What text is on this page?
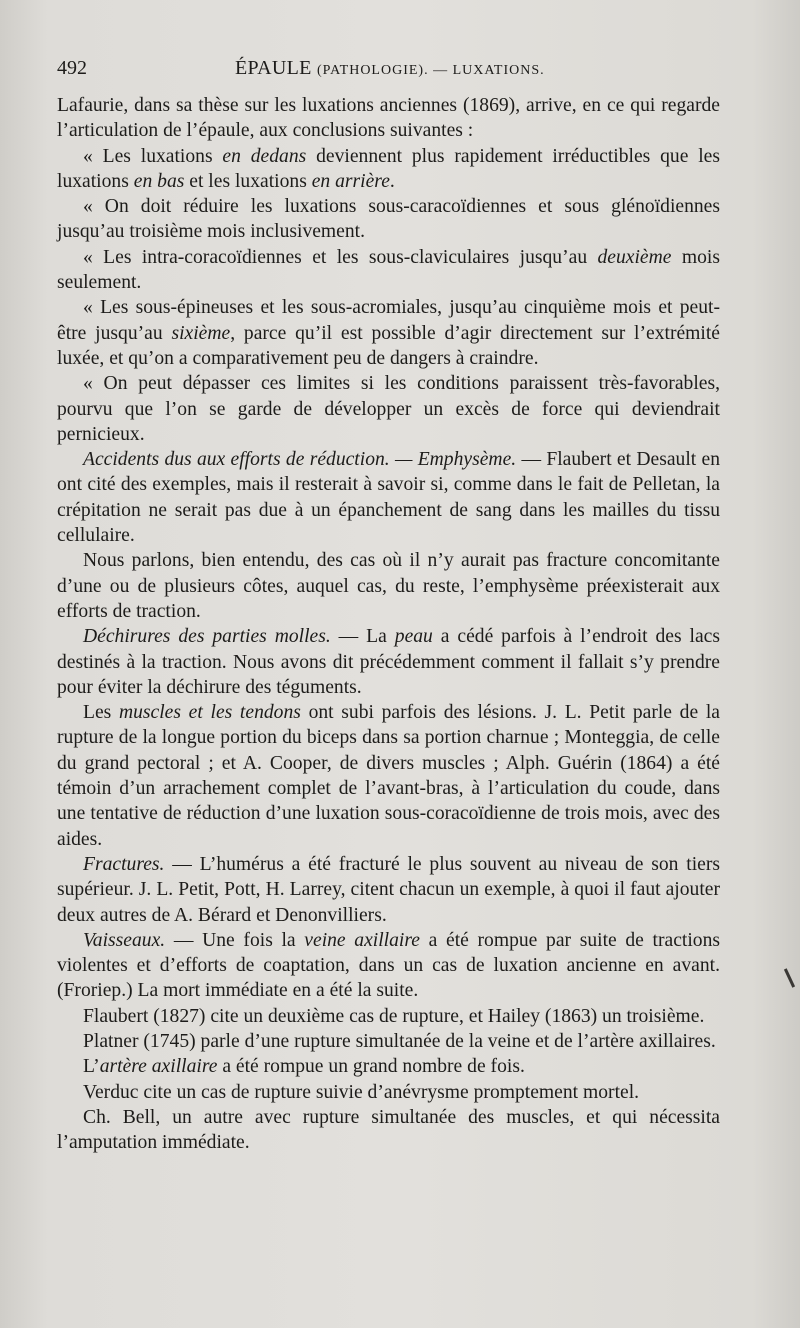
492	ÉPAULE (PATHOLOGIE). — LUXATIONS.

Lafaurie, dans sa thèse sur les luxations anciennes (1869), arrive, en ce qui regarde l’articulation de l’épaule, aux conclusions suivantes :

« Les luxations en dedans deviennent plus rapidement irréductibles que les luxations en bas et les luxations en arrière.

« On doit réduire les luxations sous-caracoïdiennes et sous glénoïdiennes jusqu’au troisième mois inclusivement.

« Les intra-coracoïdiennes et les sous-claviculaires jusqu’au deuxième mois seulement.

« Les sous-épineuses et les sous-acromiales, jusqu’au cinquième mois et peut-être jusqu’au sixième, parce qu’il est possible d’agir directement sur l’extrémité luxée, et qu’on a comparativement peu de dangers à craindre.

« On peut dépasser ces limites si les conditions paraissent très-favorables, pourvu que l’on se garde de développer un excès de force qui deviendrait pernicieux.

Accidents dus aux efforts de réduction. — Emphysème. — Flaubert et Desault en ont cité des exemples, mais il resterait à savoir si, comme dans le fait de Pelletan, la crépitation ne serait pas due à un épanchement de sang dans les mailles du tissu cellulaire.

Nous parlons, bien entendu, des cas où il n’y aurait pas fracture concomitante d’une ou de plusieurs côtes, auquel cas, du reste, l’emphysème préexisterait aux efforts de traction.

Déchirures des parties molles. — La peau a cédé parfois à l’endroit des lacs destinés à la traction. Nous avons dit précédemment comment il fallait s’y prendre pour éviter la déchirure des téguments.

Les muscles et les tendons ont subi parfois des lésions. J. L. Petit parle de la rupture de la longue portion du biceps dans sa portion charnue ; Monteggia, de celle du grand pectoral ; et A. Cooper, de divers muscles ; Alph. Guérin (1864) a été témoin d’un arrachement complet de l’avant-bras, à l’articulation du coude, dans une tentative de réduction d’une luxation sous-coracoïdienne de trois mois, avec des aides.

Fractures. — L’humérus a été fracturé le plus souvent au niveau de son tiers supérieur. J. L. Petit, Pott, H. Larrey, citent chacun un exemple, à quoi il faut ajouter deux autres de A. Bérard et Denonvilliers.

Vaisseaux. — Une fois la veine axillaire a été rompue par suite de tractions violentes et d’efforts de coaptation, dans un cas de luxation ancienne en avant. (Froriep.) La mort immédiate en a été la suite.

Flaubert (1827) cite un deuxième cas de rupture, et Hailey (1863) un troisième.

Platner (1745) parle d’une rupture simultanée de la veine et de l’artère axillaires.

L’artère axillaire a été rompue un grand nombre de fois.

Verduc cite un cas de rupture suivie d’anévrysme promptement mortel.

Ch. Bell, un autre avec rupture simultanée des muscles, et qui nécessita l’amputation immédiate.
